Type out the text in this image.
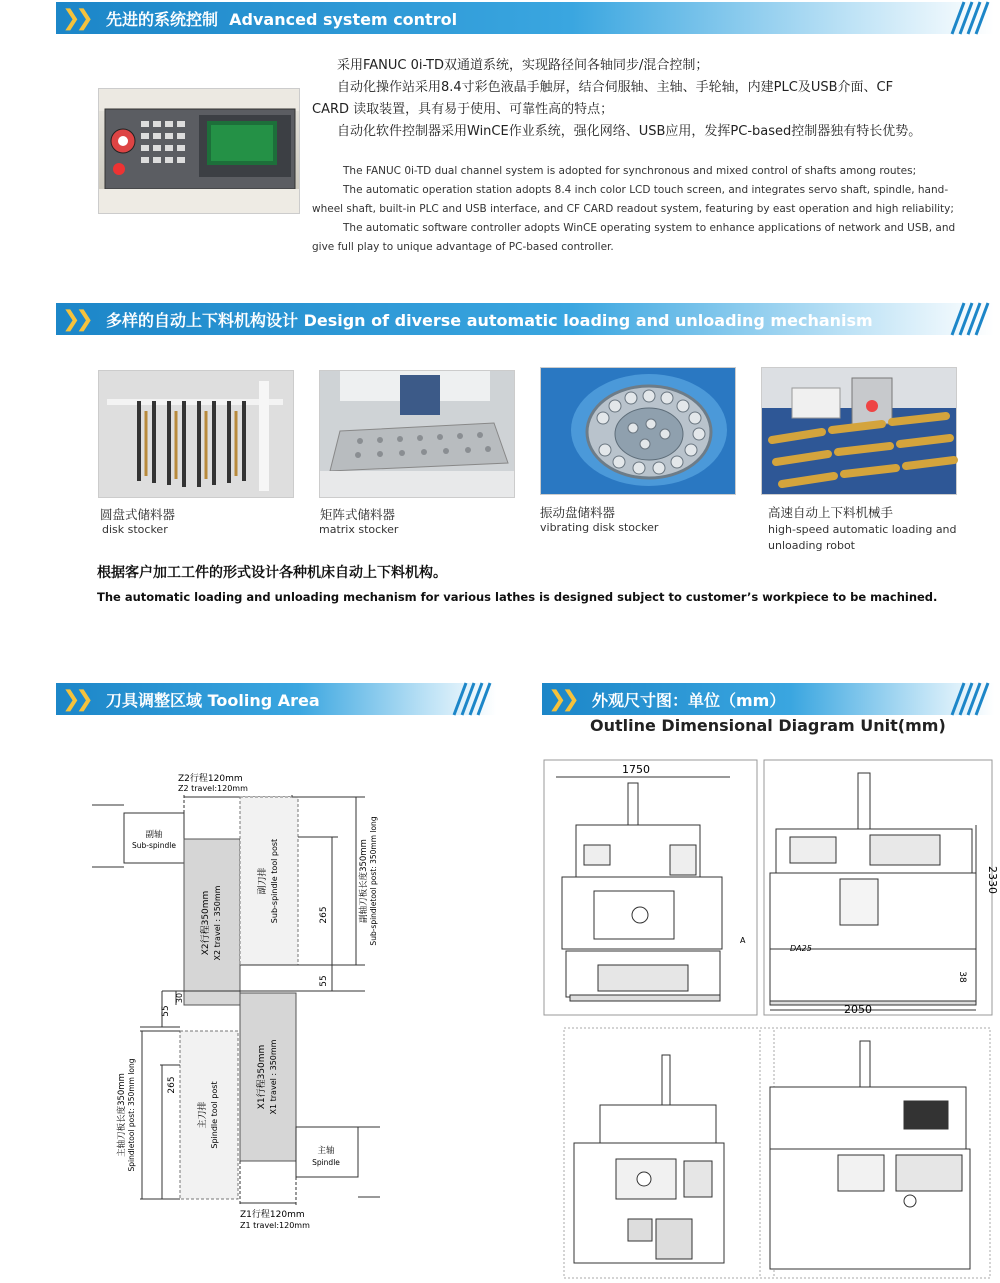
❯❯ 先进的系统控制 Advanced system control
采用FANUC 0i-TD双通道系统，实现路径间各轴同步/混合控制；
自动化操作站采用8.4寸彩色液晶手触屏，结合伺服轴、主轴、手轮轴，内建PLC及USB介面、CF
CARD 读取装置，具有易于使用、可靠性高的特点；
自动化软件控制器采用WinCE作业系统，强化网络、USB应用，发挥PC-based控制器独有特长优势。
The FANUC 0i-TD dual channel system is adopted for synchronous and mixed control of shafts among routes;
The automatic operation station adopts 8.4 inch color LCD touch screen, and integrates servo shaft, spindle, hand-
wheel shaft, built-in PLC and USB interface, and CF CARD readout system, featuring by east operation and high reliability;
The automatic software controller adopts WinCE operating system to enhance applications of network and USB, and
give full play to unique advantage of PC-based controller.
❯❯ 多样的自动上下料机构设计 Design of diverse automatic loading and unloading mechanism
圆盘式储料器
disk stocker
矩阵式储料器
matrix stocker
振动盘储料器
vibrating disk stocker
高速自动上下料机械手
high-speed automatic loading and
unloading robot
根据客户加工工件的形式设计各种机床自动上下料机构。
The automatic loading and unloading mechanism for various lathes is designed subject to customer’s workpiece to be machined.
❯❯ 刀具调整区域 Tooling Area	❯❯ 外观尺寸图：单位（mm）
Outline Dimensional Diagram Unit(mm)
Z2行程120mm
Z2 travel:120mm
副轴
Sub-spindle
X2行程350mm X2 travel : 350mm
副刀排 Sub-spindle tool post	265
55
副轴刀板长度350mm Sub-spindletool post: 350mm long
55
30
主刀排 Spindle tool post
X1行程350mm X1 travel : 350mm
265
主轴刀板长度350mm Spindletool post: 350mm long	主轴
Spindle
Z1行程120mm
Z1 travel:120mm
1750
A
DA25
2050
2330
38
